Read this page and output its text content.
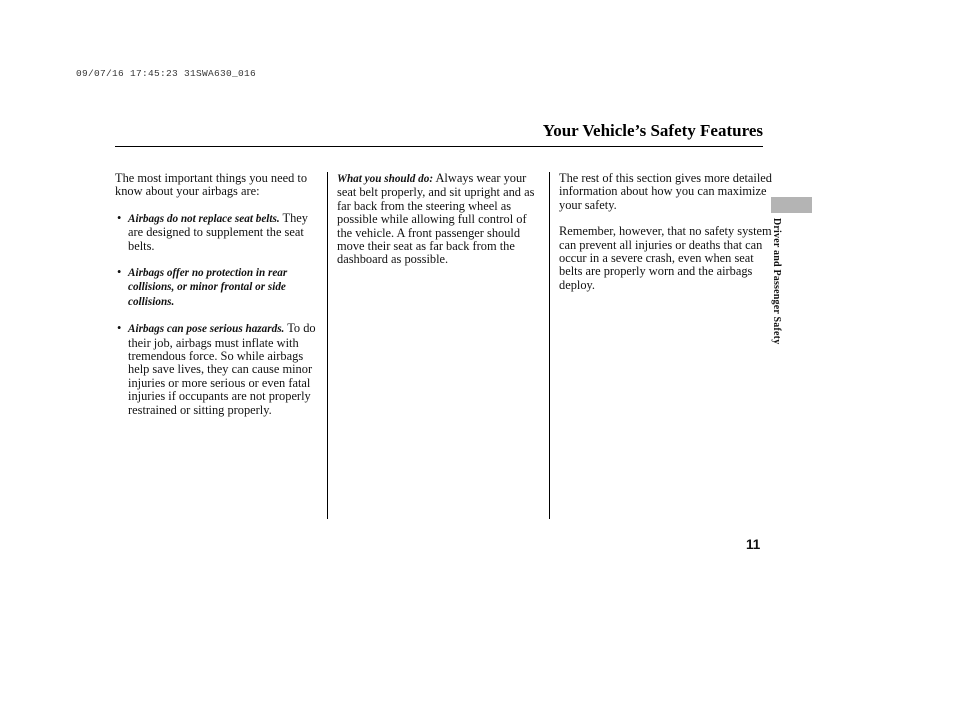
09/07/16 17:45:23 31SWA630_016
Your Vehicle’s Safety Features

The most important things you need to know about your airbags are:

• Airbags do not replace seat belts. They are designed to supplement the seat belts.
• Airbags offer no protection in rear collisions, or minor frontal or side collisions.
• Airbags can pose serious hazards. To do their job, airbags must inflate with tremendous force. So while airbags help save lives, they can cause minor injuries or more serious or even fatal injuries if occupants are not properly restrained or sitting properly.

What you should do: Always wear your seat belt properly, and sit upright and as far back from the steering wheel as possible while allowing full control of the vehicle. A front passenger should move their seat as far back from the dashboard as possible.

The rest of this section gives more detailed information about how you can maximize your safety.

Remember, however, that no safety system can prevent all injuries or deaths that can occur in a severe crash, even when seat belts are properly worn and the airbags deploy.	Driver and Passenger Safety
11
